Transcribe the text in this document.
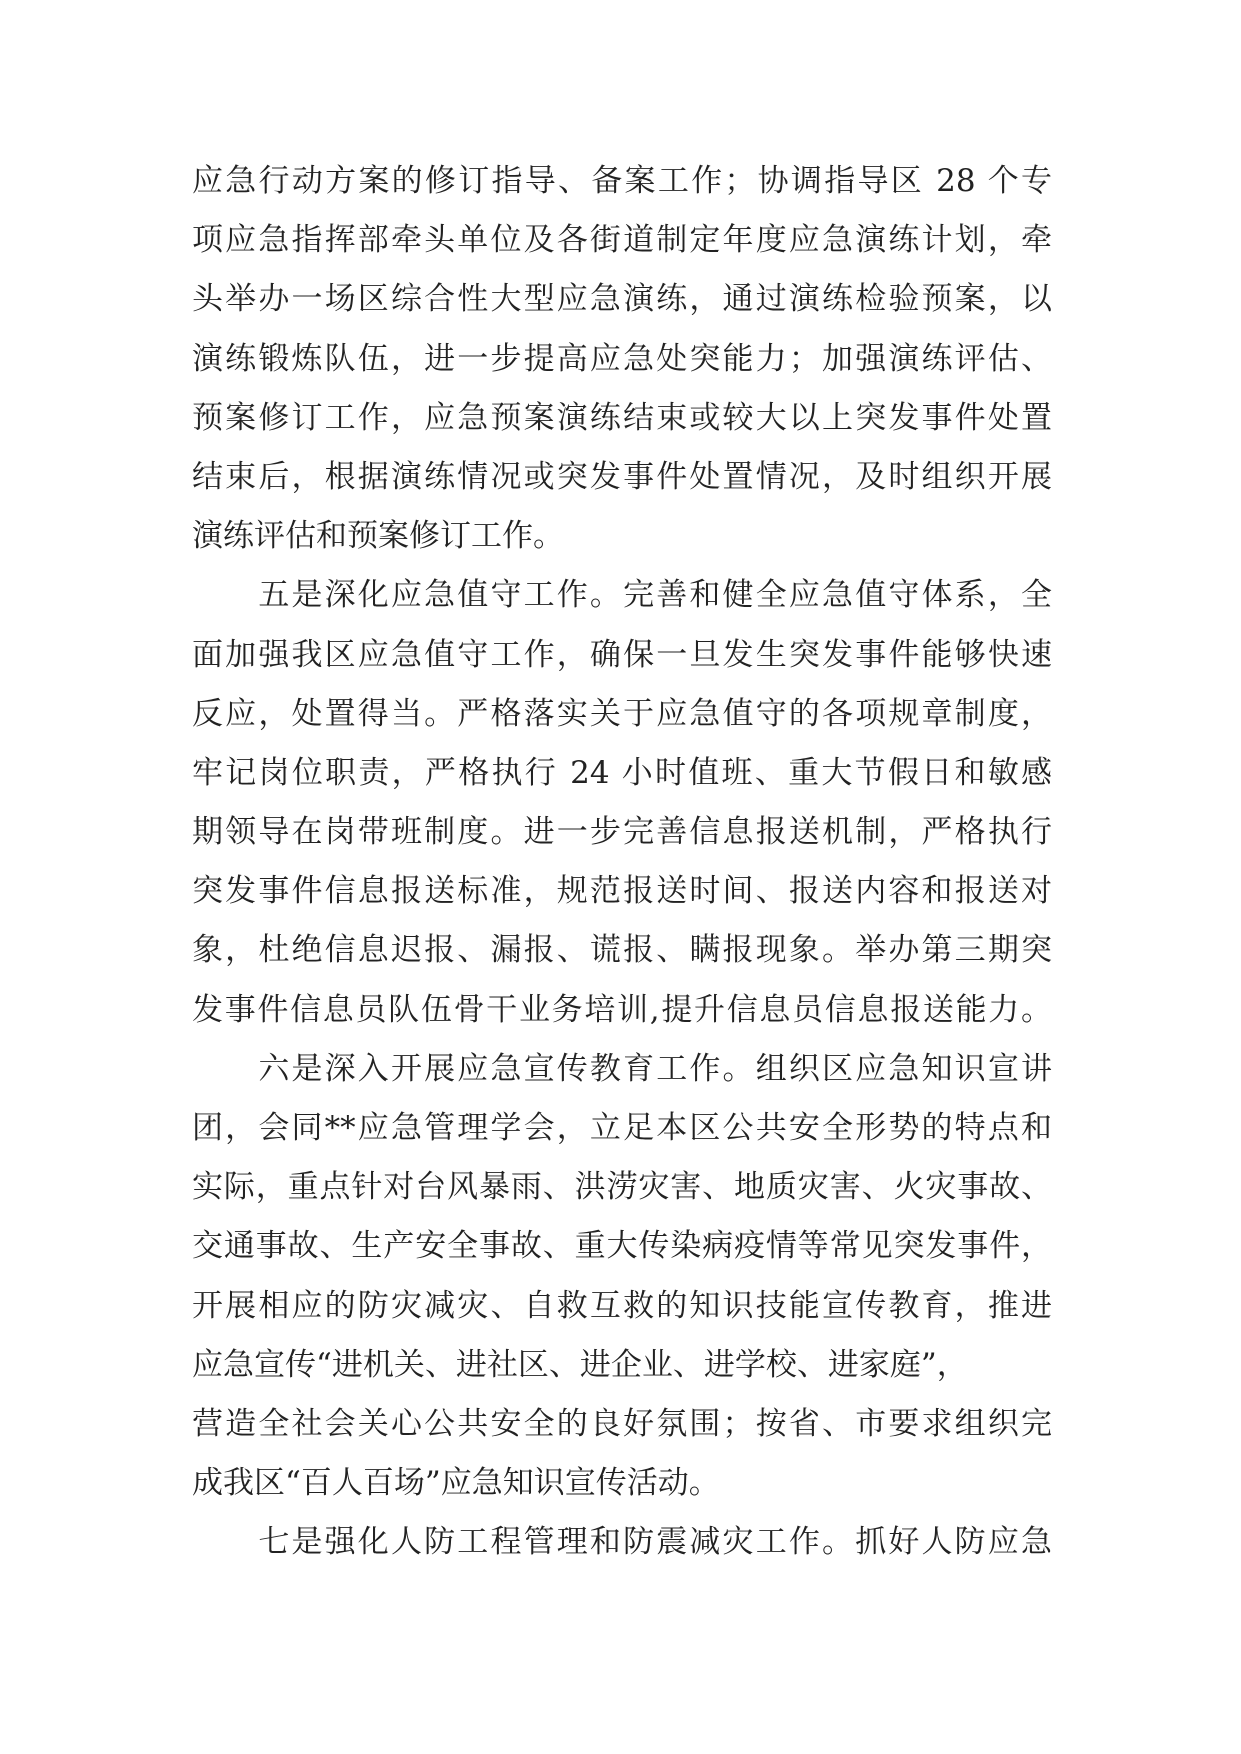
应急行动方案的修订指导、备案工作；协调指导区 28 个专
项应急指挥部牵头单位及各街道制定年度应急演练计划，牵
头举办一场区综合性大型应急演练，通过演练检验预案，以
演练锻炼队伍，进一步提高应急处突能力；加强演练评估、
预案修订工作，应急预案演练结束或较大以上突发事件处置
结束后，根据演练情况或突发事件处置情况，及时组织开展
演练评估和预案修订工作。
　　五是深化应急值守工作。完善和健全应急值守体系，全
面加强我区应急值守工作，确保一旦发生突发事件能够快速
反应，处置得当。严格落实关于应急值守的各项规章制度，
牢记岗位职责，严格执行 24 小时值班、重大节假日和敏感
期领导在岗带班制度。进一步完善信息报送机制，严格执行
突发事件信息报送标准，规范报送时间、报送内容和报送对
象，杜绝信息迟报、漏报、谎报、瞒报现象。举办第三期突
发事件信息员队伍骨干业务培训,提升信息员信息报送能力。
　　六是深入开展应急宣传教育工作。组织区应急知识宣讲
团，会同**应急管理学会，立足本区公共安全形势的特点和
实际，重点针对台风暴雨、洪涝灾害、地质灾害、火灾事故、
交通事故、生产安全事故、重大传染病疫情等常见突发事件，
开展相应的防灾减灾、自救互救的知识技能宣传教育，推进
应急宣传“进机关、进社区、进企业、进学校、进家庭”，
营造全社会关心公共安全的良好氛围；按省、市要求组织完
成我区“百人百场”应急知识宣传活动。
　　七是强化人防工程管理和防震减灾工作。抓好人防应急
